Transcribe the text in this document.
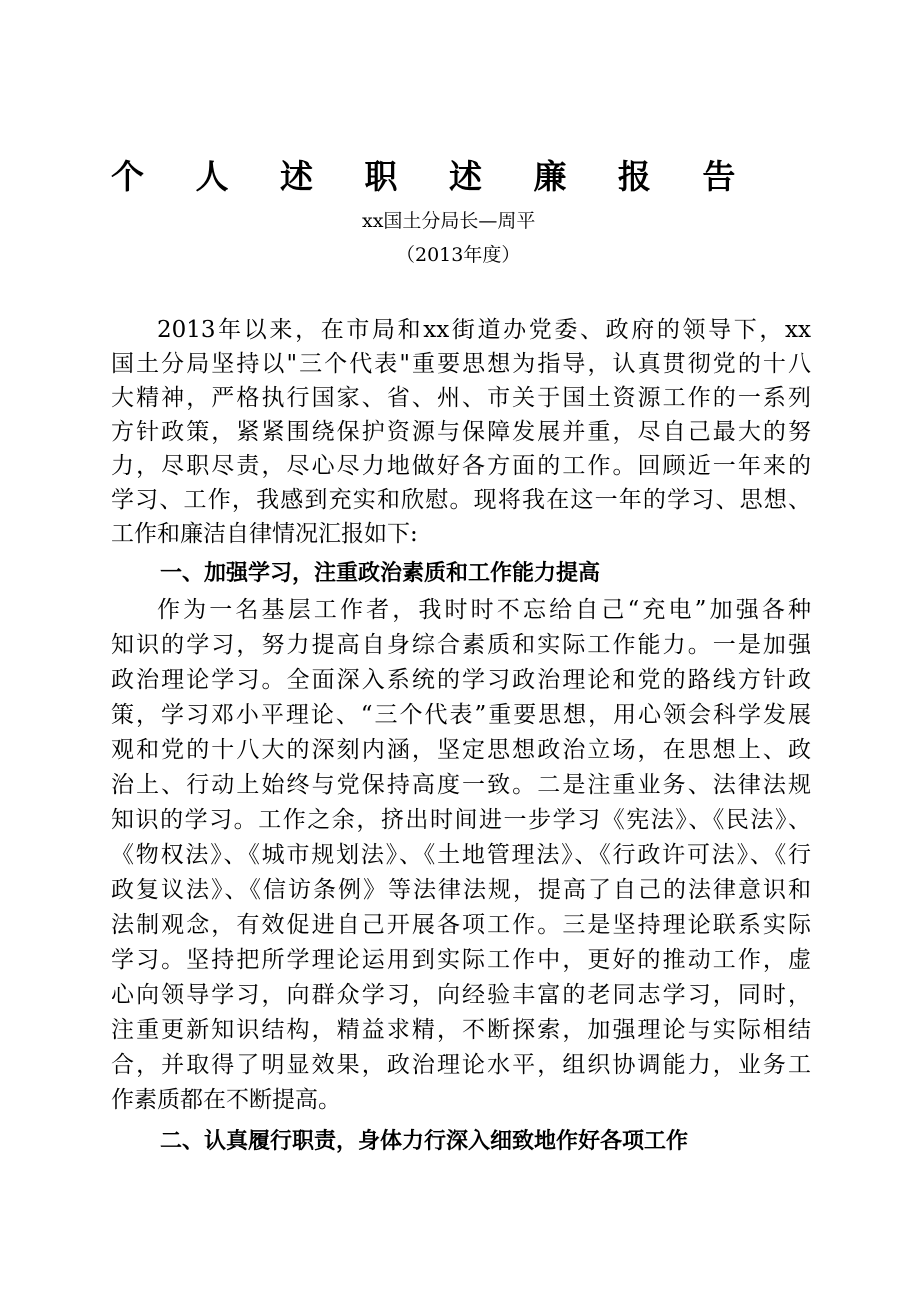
个 人 述 职 述 廉 报 告
xx国土分局长—周平
（2013年度）
2013年以来，在市局和xx街道办党委、政府的领导下，xx
国土分局坚持以"三个代表"重要思想为指导，认真贯彻党的十八
大精神，严格执行国家、省、州、市关于国土资源工作的一系列
方针政策，紧紧围绕保护资源与保障发展并重，尽自己最大的努
力，尽职尽责，尽心尽力地做好各方面的工作。回顾近一年来的
学习、工作，我感到充实和欣慰。现将我在这一年的学习、思想、
工作和廉洁自律情况汇报如下:
一、加强学习，注重政治素质和工作能力提高
作为一名基层工作者，我时时不忘给自己“充电”加强各种
知识的学习，努力提高自身综合素质和实际工作能力。一是加强
政治理论学习。全面深入系统的学习政治理论和党的路线方针政
策，学习邓小平理论、“三个代表”重要思想，用心领会科学发展
观和党的十八大的深刻内涵，坚定思想政治立场，在思想上、政
治上、行动上始终与党保持高度一致。二是注重业务、法律法规
知识的学习。工作之余，挤出时间进一步学习《宪法》、《民法》、
《物权法》、《城市规划法》、《土地管理法》、《行政许可法》、《行
政复议法》、《信访条例》等法律法规，提高了自己的法律意识和
法制观念，有效促进自己开展各项工作。三是坚持理论联系实际
学习。坚持把所学理论运用到实际工作中，更好的推动工作，虚
心向领导学习，向群众学习，向经验丰富的老同志学习，同时，
注重更新知识结构，精益求精，不断探索，加强理论与实际相结
合，并取得了明显效果，政治理论水平，组织协调能力，业务工
作素质都在不断提高。
二、认真履行职责，身体力行深入细致地作好各项工作
